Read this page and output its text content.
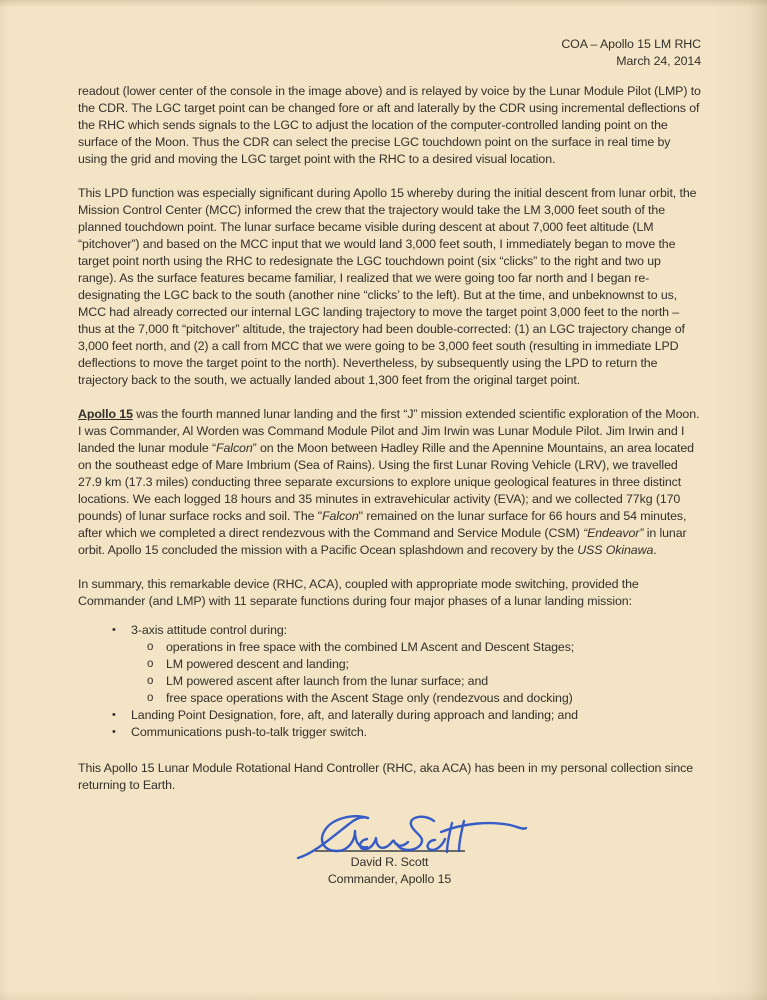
COA – Apollo 15 LM RHC
March 24, 2014

readout (lower center of the console in the image above) and is relayed by voice by the Lunar Module Pilot (LMP) to the CDR. The LGC target point can be changed fore or aft and laterally by the CDR using incremental deflections of the RHC which sends signals to the LGC to adjust the location of the computer-controlled landing point on the surface of the Moon. Thus the CDR can select the precise LGC touchdown point on the surface in real time by using the grid and moving the LGC target point with the RHC to a desired visual location.

This LPD function was especially significant during Apollo 15 whereby during the initial descent from lunar orbit, the Mission Control Center (MCC) informed the crew that the trajectory would take the LM 3,000 feet south of the planned touchdown point. The lunar surface became visible during descent at about 7,000 feet altitude (LM “pitchover”) and based on the MCC input that we would land 3,000 feet south, I immediately began to move the target point north using the RHC to redesignate the LGC touchdown point (six “clicks” to the right and two up range). As the surface features became familiar, I realized that we were going too far north and I began re-designating the LGC back to the south (another nine “clicks’ to the left). But at the time, and unbeknownst to us, MCC had already corrected our internal LGC landing trajectory to move the target point 3,000 feet to the north – thus at the 7,000 ft “pitchover” altitude, the trajectory had been double-corrected: (1) an LGC trajectory change of 3,000 feet north, and (2) a call from MCC that we were going to be 3,000 feet south (resulting in immediate LPD deflections to move the target point to the north). Nevertheless, by subsequently using the LPD to return the trajectory back to the south, we actually landed about 1,300 feet from the original target point.

Apollo 15 was the fourth manned lunar landing and the first “J” mission extended scientific exploration of the Moon. I was Commander, Al Worden was Command Module Pilot and Jim Irwin was Lunar Module Pilot. Jim Irwin and I landed the lunar module “Falcon” on the Moon between Hadley Rille and the Apennine Mountains, an area located on the southeast edge of Mare Imbrium (Sea of Rains). Using the first Lunar Roving Vehicle (LRV), we travelled 27.9 km (17.3 miles) conducting three separate excursions to explore unique geological features in three distinct locations. We each logged 18 hours and 35 minutes in extravehicular activity (EVA); and we collected 77kg (170 pounds) of lunar surface rocks and soil. The "Falcon" remained on the lunar surface for 66 hours and 54 minutes, after which we completed a direct rendezvous with the Command and Service Module (CSM) “Endeavor” in lunar orbit. Apollo 15 concluded the mission with a Pacific Ocean splashdown and recovery by the USS Okinawa.

In summary, this remarkable device (RHC, ACA), coupled with appropriate mode switching, provided the Commander (and LMP) with 11 separate functions during four major phases of a lunar landing mission:

•	3-axis attitude control during:
o	operations in free space with the combined LM Ascent and Descent Stages;
o	LM powered descent and landing;
o	LM powered ascent after launch from the lunar surface; and
o	free space operations with the Ascent Stage only (rendezvous and docking)
•	Landing Point Designation, fore, aft, and laterally during approach and landing; and
•	Communications push-to-talk trigger switch.

This Apollo 15 Lunar Module Rotational Hand Controller (RHC, aka ACA) has been in my personal collection since returning to Earth.

David R. Scott
Commander, Apollo 15
